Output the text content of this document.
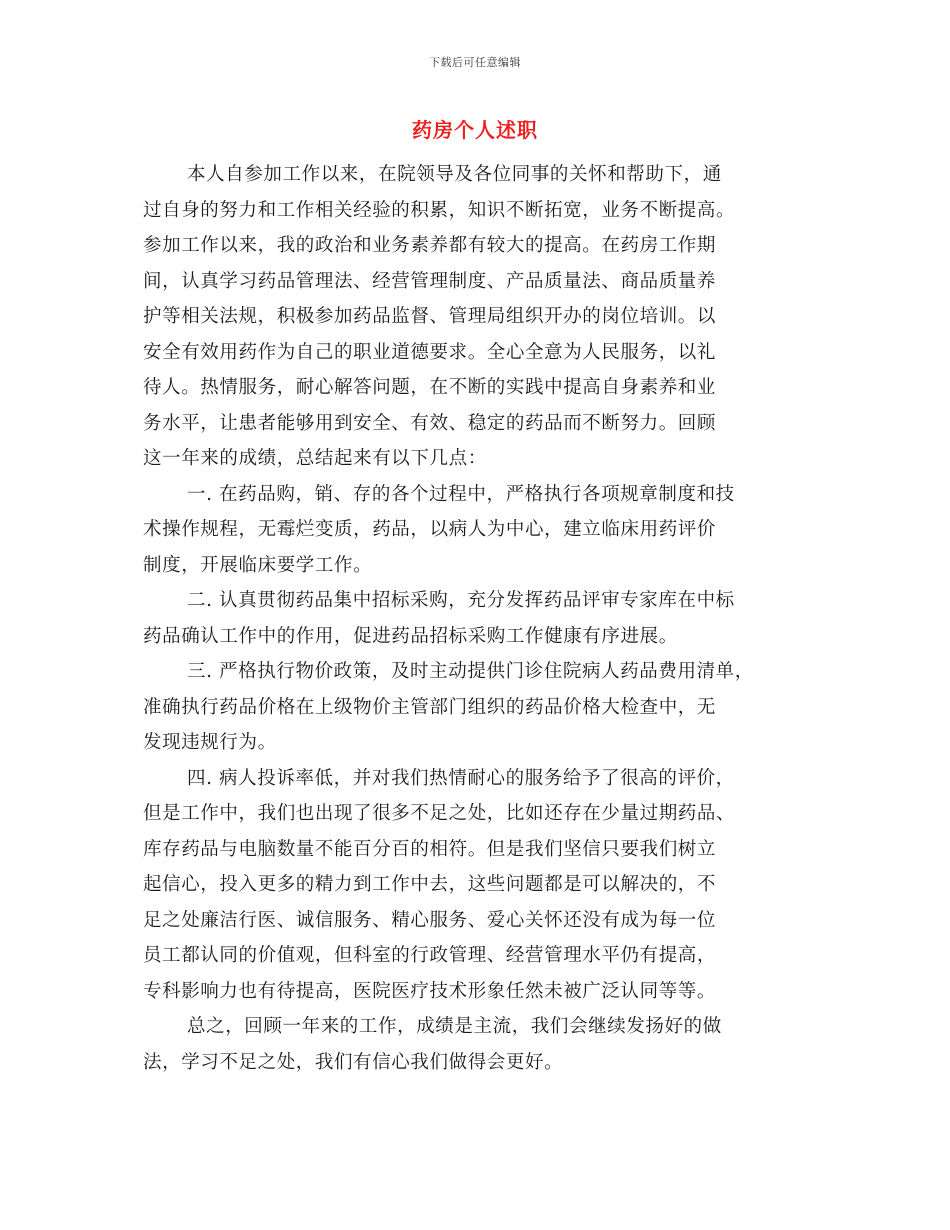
下载后可任意编辑
药房个人述职
本人自参加工作以来，在院领导及各位同事的关怀和帮助下，通
过自身的努力和工作相关经验的积累，知识不断拓宽，业务不断提高。
参加工作以来，我的政治和业务素养都有较大的提高。在药房工作期
间，认真学习药品管理法、经营管理制度、产品质量法、商品质量养
护等相关法规，积极参加药品监督、管理局组织开办的岗位培训。以
安全有效用药作为自己的职业道德要求。全心全意为人民服务，以礼
待人。热情服务，耐心解答问题，在不断的实践中提高自身素养和业
务水平，让患者能够用到安全、有效、稳定的药品而不断努力。回顾
这一年来的成绩，总结起来有以下几点：
一. 在药品购，销、存的各个过程中，严格执行各项规章制度和技
术操作规程，无霉烂变质，药品，以病人为中心，建立临床用药评价
制度，开展临床要学工作。
二. 认真贯彻药品集中招标采购，充分发挥药品评审专家库在中标
药品确认工作中的作用，促进药品招标采购工作健康有序进展。
三. 严格执行物价政策，及时主动提供门诊住院病人药品费用清单，
准确执行药品价格在上级物价主管部门组织的药品价格大检查中，无
发现违规行为。
四. 病人投诉率低，并对我们热情耐心的服务给予了很高的评价，
但是工作中，我们也出现了很多不足之处，比如还存在少量过期药品、
库存药品与电脑数量不能百分百的相符。但是我们坚信只要我们树立
起信心，投入更多的精力到工作中去，这些问题都是可以解决的，不
足之处廉洁行医、诚信服务、精心服务、爱心关怀还没有成为每一位
员工都认同的价值观，但科室的行政管理、经营管理水平仍有提高，
专科影响力也有待提高，医院医疗技术形象任然未被广泛认同等等。
总之，回顾一年来的工作，成绩是主流，我们会继续发扬好的做
法，学习不足之处，我们有信心我们做得会更好。
